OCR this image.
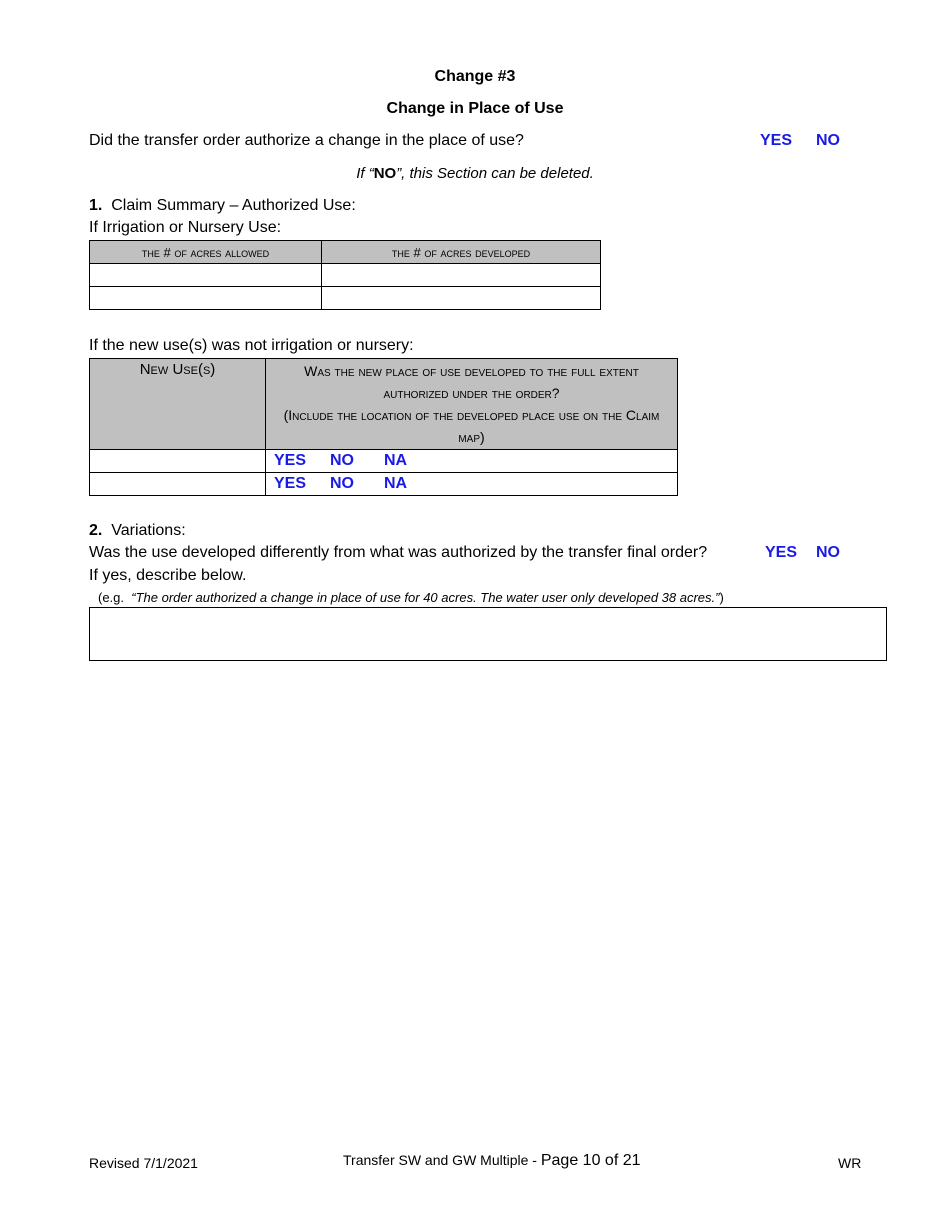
Change #3
Change in Place of Use
Did the transfer order authorize a change in the place of use?	YES NO
If “NO”, this Section can be deleted.
1. Claim Summary – Authorized Use:
If Irrigation or Nursery Use:
the # of acres allowed	the # of acres developed

If the new use(s) was not irrigation or nursery:
New Use(s)	Was the new place of use developed to the full extent authorized under the order?
(Include the location of the developed place use on the Claim map)

	YES NO NA
	YES NO NA
2. Variations:
Was the use developed differently from what was authorized by the transfer final order?	YES NO
If yes, describe below.
(e.g. “The order authorized a change in place of use for 40 acres. The water user only developed 38 acres.”)
Revised 7/1/2021	Transfer SW and GW Multiple - Page 10 of 21	WR
